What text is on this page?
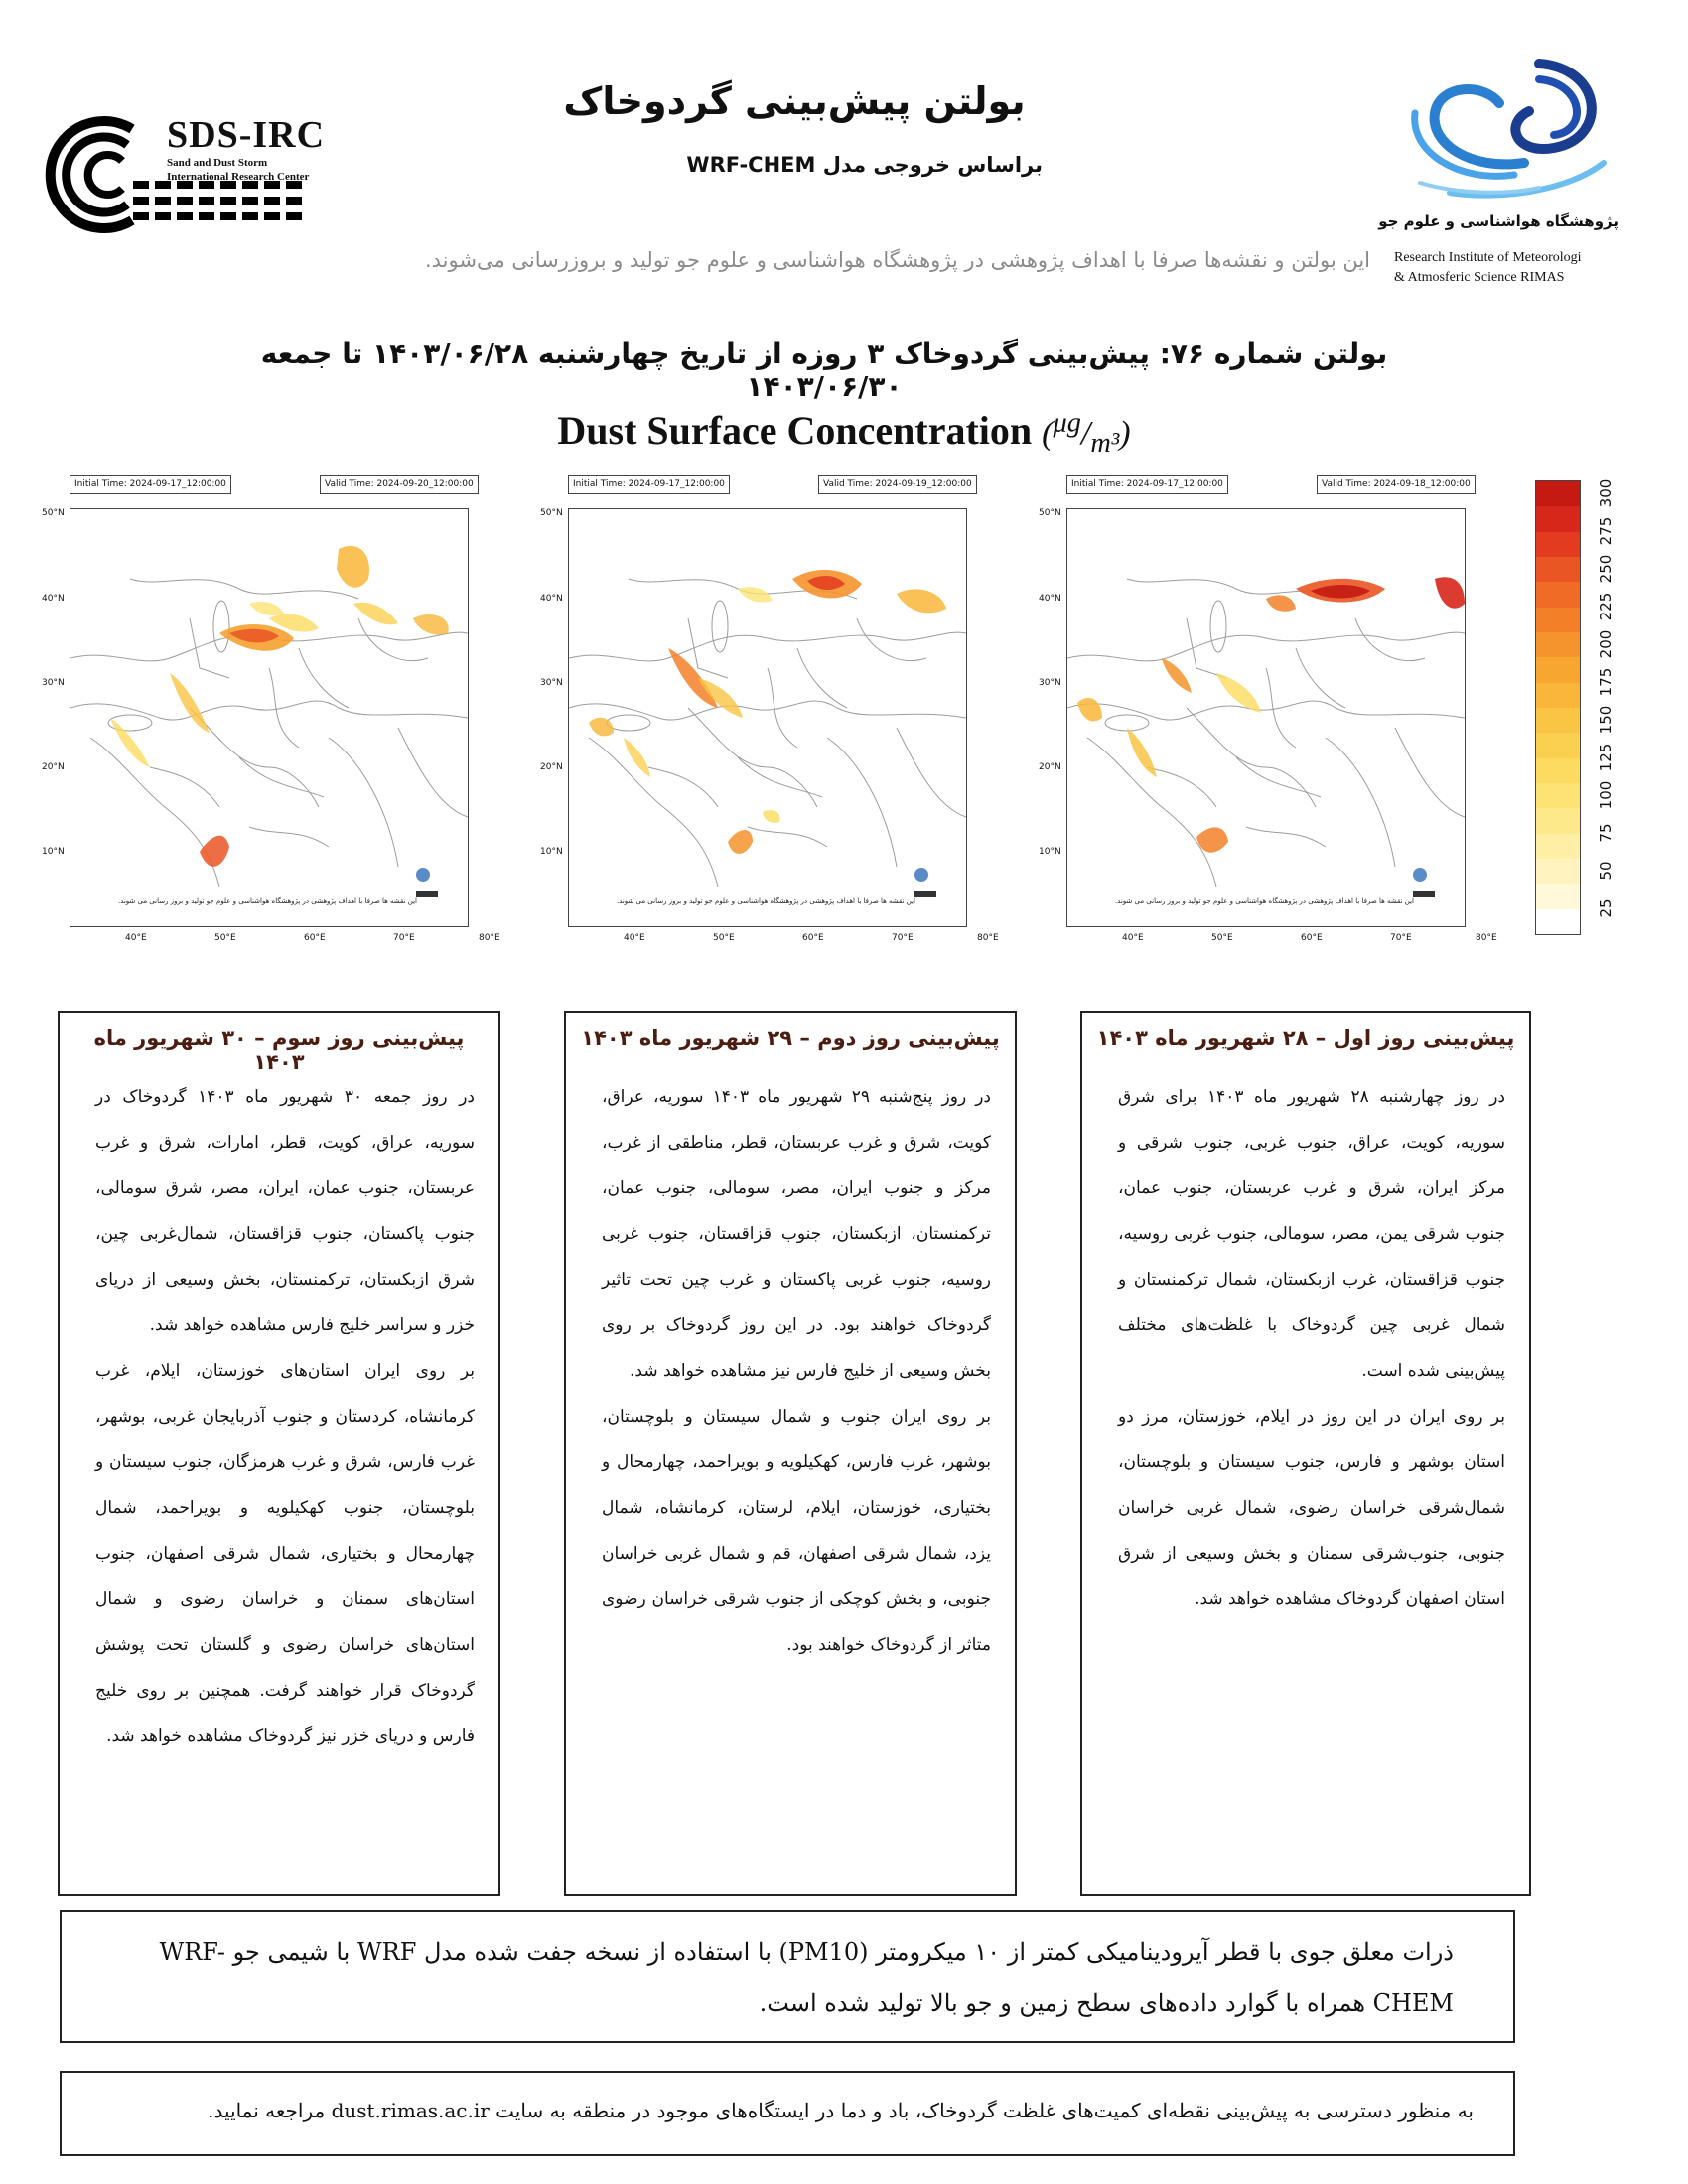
SDS-IRC
Sand and Dust Storm
International Research Center
پژوهشگاه هواشناسی و علوم جو
Research Institute of Meteorologi
& Atmosferic Science RIMAS
بولتن پیش‌بینی گردوخاک
براساس خروجی مدل WRF-CHEM
این بولتن و نقشه‌ها صرفا با اهداف پژوهشی در پژوهشگاه هواشناسی و علوم جو تولید و بروزرسانی می‌شوند.
بولتن شماره ۷۶: پیش‌بینی گردوخاک ۳ روزه از تاریخ چهارشنبه ۱۴۰۳/۰۶/۲۸ تا جمعه ۱۴۰۳/۰۶/۳۰
Dust Surface Concentration $(^{\mu g}/_{m^3})$
Initial Time: 2024-09-17_12:00:00	Valid Time: 2024-09-20_12:00:00
50°N
40°N
30°N
20°N
10°N
40°E	50°E	60°E	70°E	80°E
این نقشه ها صرفا با اهداف پژوهشی در پژوهشگاه هواشناسی و علوم جو تولید و بروز رسانی می شوند.
Initial Time: 2024-09-17_12:00:00	Valid Time: 2024-09-19_12:00:00
50°N
40°N
30°N
20°N
10°N
40°E	50°E	60°E	70°E	80°E
این نقشه ها صرفا با اهداف پژوهشی در پژوهشگاه هواشناسی و علوم جو تولید و بروز رسانی می شوند.
Initial Time: 2024-09-17_12:00:00	Valid Time: 2024-09-18_12:00:00
50°N
40°N
30°N
20°N
10°N
40°E	50°E	60°E	70°E	80°E
این نقشه ها صرفا با اهداف پژوهشی در پژوهشگاه هواشناسی و علوم جو تولید و بروز رسانی می شوند.
300
275
250
225
200
175
150
125
100
75
50
25
پیش‌بینی روز سوم – ۳۰ شهریور ماه ۱۴۰۳

در روز جمعه ۳۰ شهریور ماه ۱۴۰۳ گردوخاک در سوریه، عراق، کویت، قطر، امارات، شرق و غرب عربستان، جنوب عمان، ایران، مصر، شرق سومالی، جنوب پاکستان، جنوب قزاقستان، شمال‌غربی چین، شرق ازبکستان، ترکمنستان، بخش وسیعی از دریای خزر و سراسر خلیج فارس مشاهده خواهد شد.

بر روی ایران استان‌های خوزستان، ایلام، غرب کرمانشاه، کردستان و جنوب آذربایجان غربی، بوشهر، غرب فارس، شرق و غرب هرمزگان، جنوب سیستان و بلوچستان، جنوب کهکیلویه و بویراحمد، شمال چهارمحال و بختیاری، شمال شرقی اصفهان، جنوب استان‌های سمنان و خراسان رضوی و شمال استان‌های خراسان رضوی و گلستان تحت پوشش گردوخاک قرار خواهند گرفت. همچنین بر روی خلیج فارس و دریای خزر نیز گردوخاک مشاهده خواهد شد.

پیش‌بینی روز دوم – ۲۹ شهریور ماه ۱۴۰۳

در روز پنج‌شنبه ۲۹ شهریور ماه ۱۴۰۳ سوریه، عراق، کویت، شرق و غرب عربستان، قطر، مناطقی از غرب، مرکز و جنوب ایران، مصر، سومالی، جنوب عمان، ترکمنستان، ازبکستان، جنوب قزاقستان، جنوب غربی روسیه، جنوب غربی پاکستان و غرب چین تحت تاثیر گردوخاک خواهند بود. در این روز گردوخاک بر روی بخش وسیعی از خلیج فارس نیز مشاهده خواهد شد.

بر روی ایران جنوب و شمال سیستان و بلوچستان، بوشهر، غرب فارس، کهکیلویه و بویراحمد، چهارمحال و بختیاری، خوزستان، ایلام، لرستان، کرمانشاه، شمال یزد، شمال شرقی اصفهان، قم و شمال غربی خراسان جنوبی، و بخش کوچکی از جنوب شرقی خراسان رضوی متاثر از گردوخاک خواهند بود.

پیش‌بینی روز اول – ۲۸ شهریور ماه ۱۴۰۳

در روز چهارشنبه ۲۸ شهریور ماه ۱۴۰۳ برای شرق سوریه، کویت، عراق، جنوب غربی، جنوب شرقی و مرکز ایران، شرق و غرب عربستان، جنوب عمان، جنوب شرقی یمن، مصر، سومالی، جنوب غربی روسیه، جنوب قزاقستان، غرب ازبکستان، شمال ترکمنستان و شمال غربی چین گردوخاک با غلظت‌های مختلف پیش‌بینی شده است.

بر روی ایران در این روز در ایلام، خوزستان، مرز دو استان بوشهر و فارس، جنوب سیستان و بلوچستان، شمال‌شرقی خراسان رضوی، شمال غربی خراسان جنوبی، جنوب‌شرقی سمنان و بخش وسیعی از شرق استان اصفهان گردوخاک مشاهده خواهد شد.

ذرات معلق جوی با قطر آیرودینامیکی کمتر از ۱۰ میکرومتر (PM10) با استفاده از نسخه جفت شده مدل WRF با شیمی جو WRF-CHEM همراه با گوارد داده‌های سطح زمین و جو بالا تولید شده است.

به منظور دسترسی به پیش‌بینی نقطه‌ای کمیت‌های غلظت گردوخاک، باد و دما در ایستگاه‌های موجود در منطقه به سایت dust.rimas.ac.ir مراجعه نمایید.
